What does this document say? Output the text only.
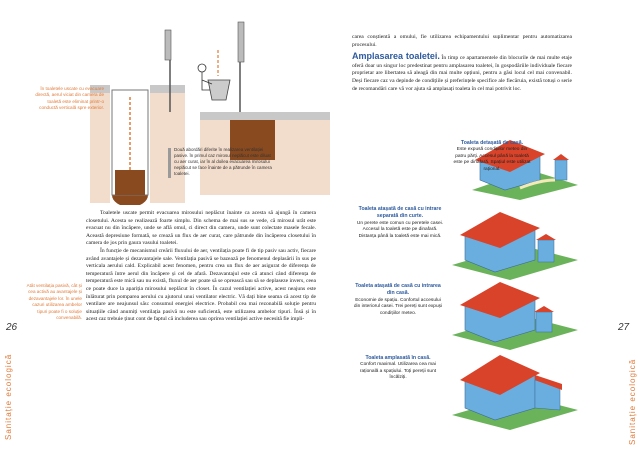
Sanitație ecologică
26
În toaletele uscate cu evacuare directă, aerul viciat din camera de toaletă este eliminat printr-o conductă verticală spre exterior.
Două abordări diferite în realizarea ventilației pasive. În primul caz mirosul neplăcut este diluat cu aer curat, iar în al doilea evacuarea mirosului neplăcut se face înainte de a pătrunde în camera toaletei.
Atât ventilația pasivă, cât și cea activă au avantajele și dezavantajele lor. În unele cazuri utilizarea ambelor tipuri poate fi o soluție convenabilă.

Toaletele uscate permit evacuarea mirosului neplăcut înainte ca acesta să ajungă în camera closetului. Acesta se realizează foarte simplu. Din schema de mai sus se vede, că mirosul urât este evacuat nu din încăpere, unde se află omul, ci direct din camera, unde sunt colectate masele fecale. Această depresiune formată, se crează un flux de aer curat, care pătrunde din încăperea closetului în camera de jos prin gaura vasului toaletei.

În funcție de mecanismul creării fluxului de aer, ventilația poate fi de tip pasiv sau activ, fiecare având avantajele și dezavantajele sale. Ventilația pasivă se bazează pe fenomenul deplasării în sus pe verticala aerului cald. Explicabil acest fenomen, pentru crea un flux de aer asigurat de diferența de temperatură între aerul din încăpere și cel de afară. Dezavantajul este că atunci când diferența de temperatură este mică sau nu există, fluxul de aer poate să se oprească sau să se deplaseze invers, ceea ce poate duce la apariția mirosului neplăcut în closet. În cazul ventilației active, acest neajuns este înlăturat prin pomparea aerului cu ajutorul unui ventilator electric. Vă dați bine seama că acest tip de ventilare are neajunsul său: consumul energiei electrice. Probabil cea mai rezonabilă soluție pentru situațiile când anumiți ventilația pasivă nu este suficientă, este utilizarea ambelor tipuri. Însă și în acest caz trebuie ținut cont de faptul că includerea sau oprirea ventilației active necesită fie impli-

Sanitație ecologică
27

carea conștientă a omului, fie utilizarea echipamentului suplimentar pentru automatizarea procesului.

Amplasarea toaletei. În timp ce apartamentele din blocurile de mai multe etaje oferă doar un singur loc predestinat pentru amplasarea toaletei, în gospodăriile individuale fiecare proprietar are libertatea să aleagă din mai multe opțiuni, pentru a găsi locul cel mai convenabil. Deși fiecare caz va depinde de condițiile și preferințele specifice ale fiecăruia, există totuși o serie de recomandări care vă vor ajuta să amplasați toaleta în cel mai potrivit loc.

Toaleta detașată de casă.
Este expusă condițiilor meteo din patru părți. Accesul până la toaletă este pe dinafară. Spațiul este utilizat rațional.
Toaleta atașată de casă cu intrare separată din curte.
Un perete este comun cu peretele casei. Accesul la toaletă este pe dinafară. Distanța până la toaletă este mai mică.
Toaleta atașată de casă cu intrarea din casă.
Economie de spațiu. Confortul accesului din interiorul casei. Trei pereți sunt expuși condițiilor meteo.
Toaleta amplasată în casă.
Confort maximal. Utilizarea cea mai rațională a spațiului. Toți pereții sunt încălziți.
